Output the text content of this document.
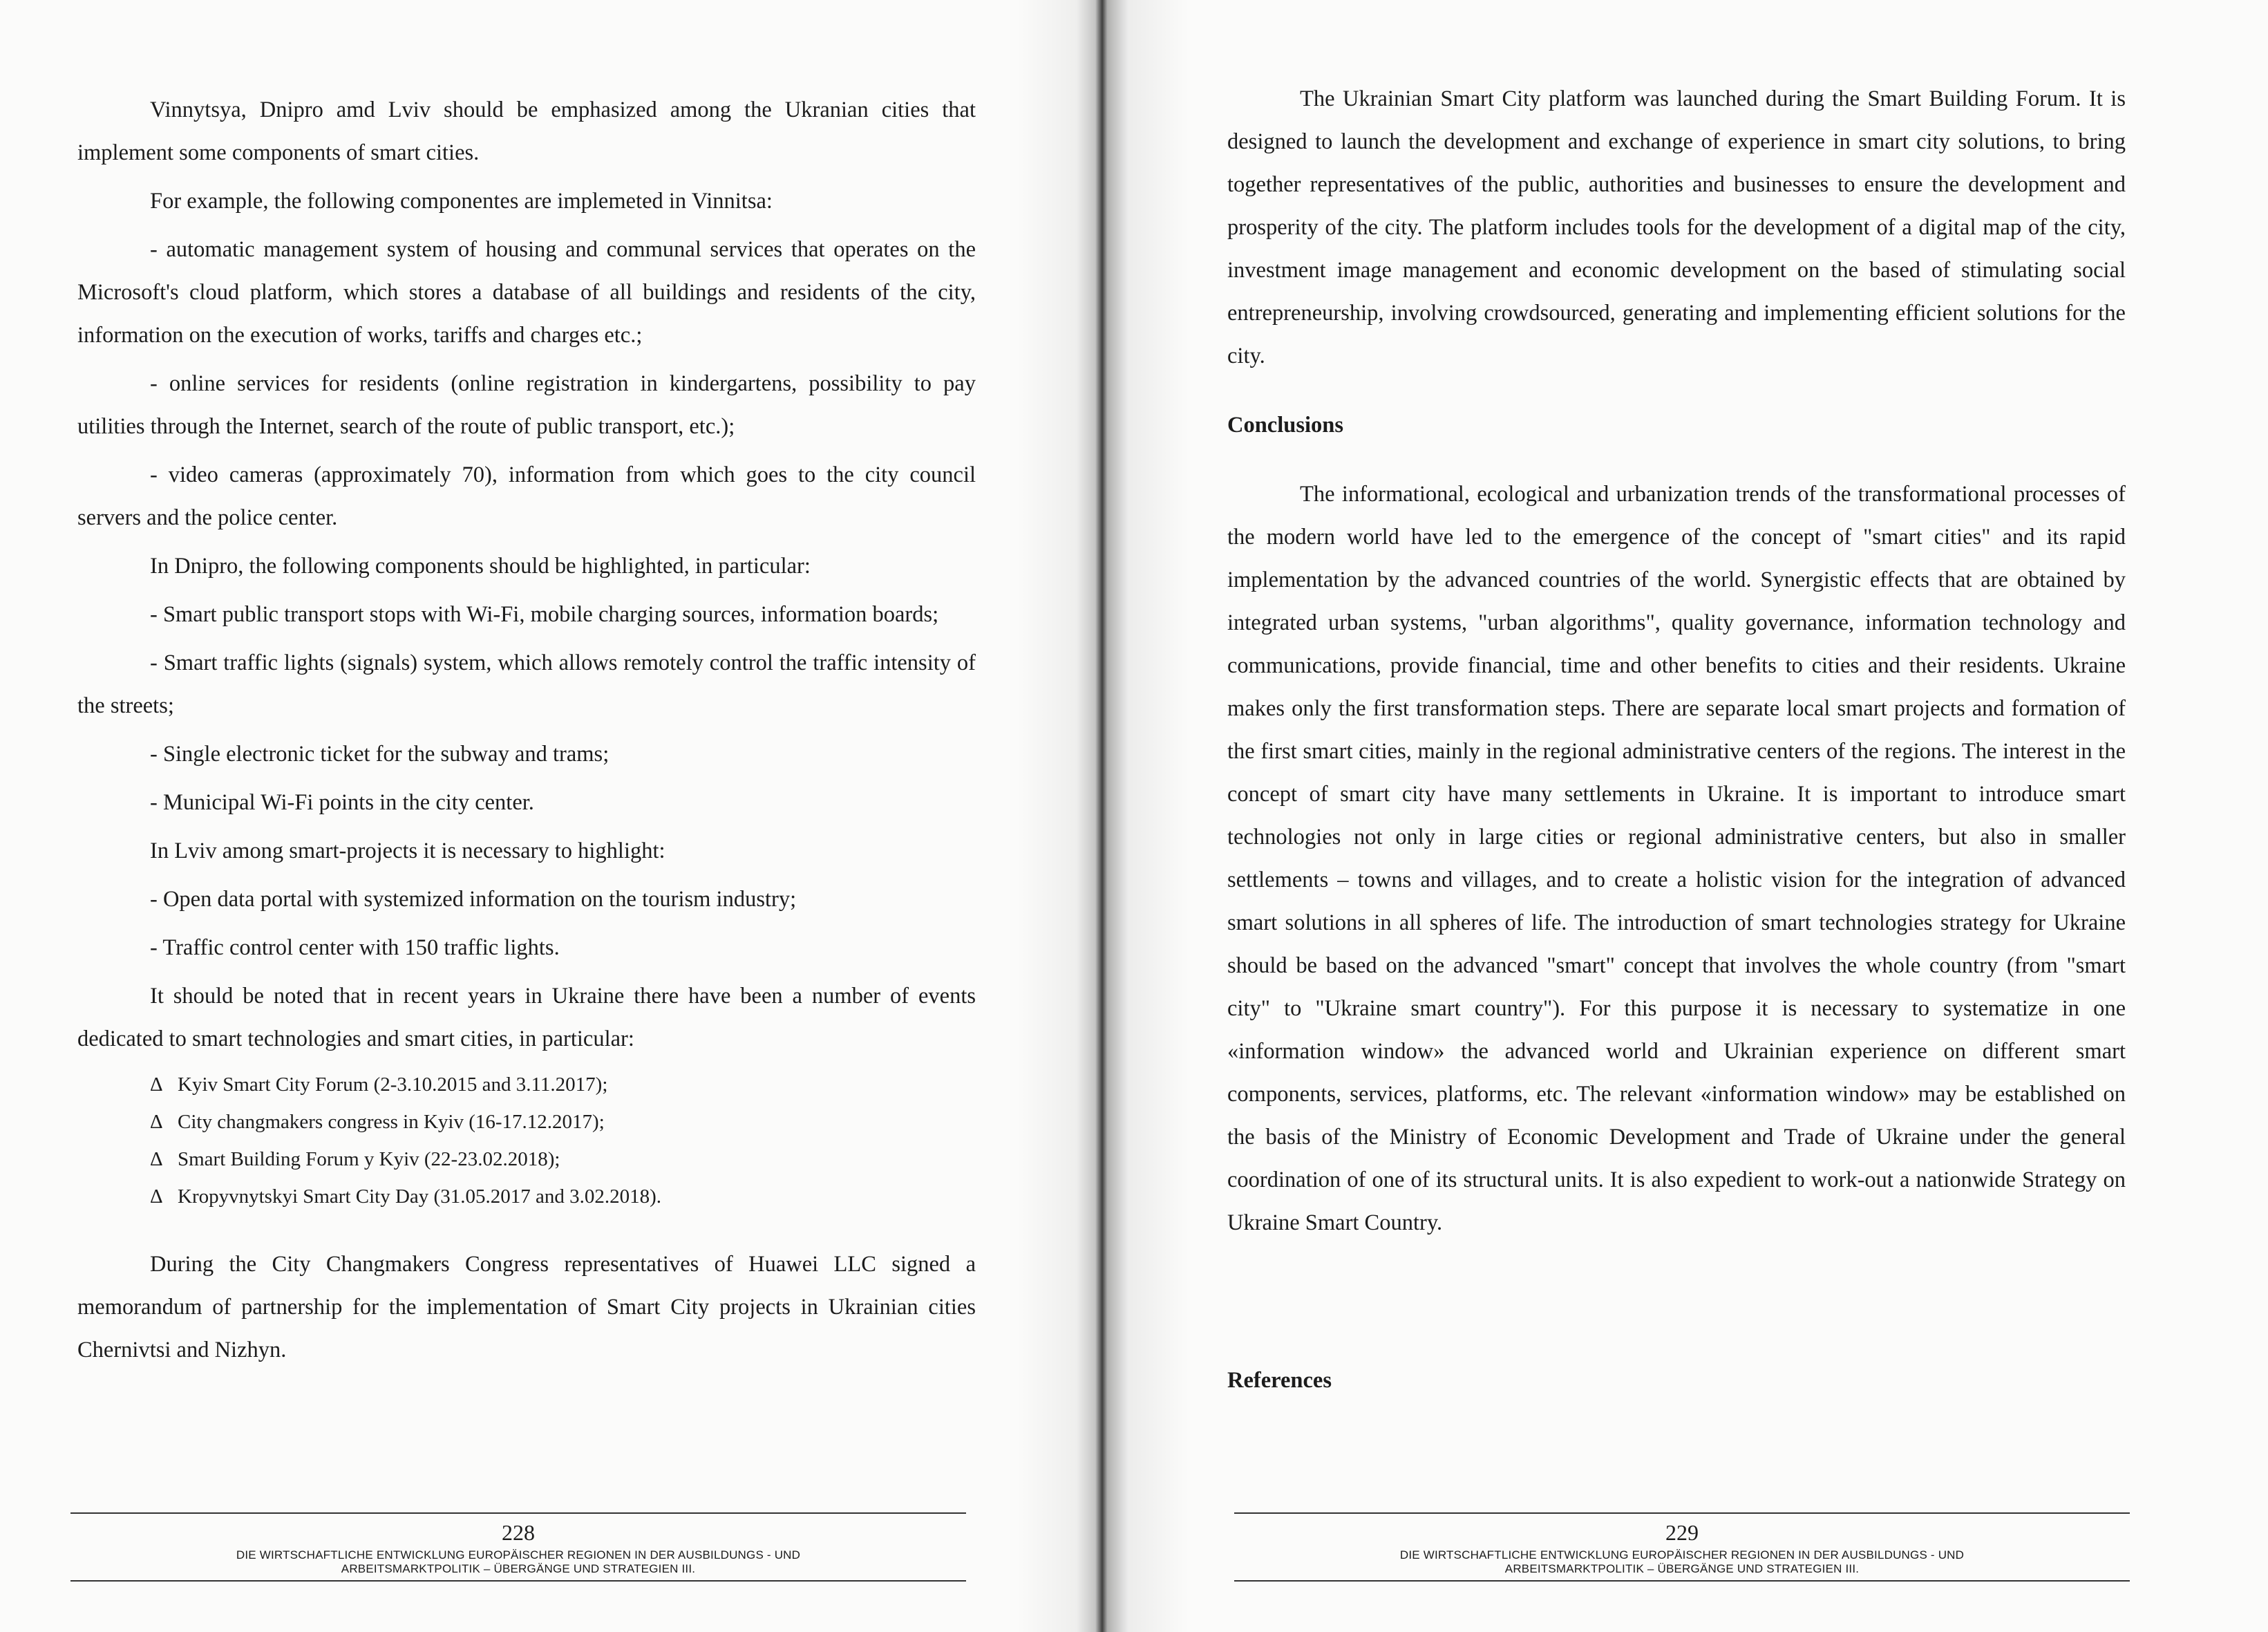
Vinnytsya, Dnipro amd Lviv should be emphasized among the Ukranian cities that implement some components of smart cities.

For example, the following componentes are implemeted in Vinnitsa:

- automatic management system of housing and communal services that operates on the Microsoft's cloud platform, which stores a database of all buildings and residents of the city, information on the execution of works, tariffs and charges etc.;

- online services for residents (online registration in kindergartens, possibility to pay utilities through the Internet, search of the route of public transport, etc.);

- video cameras (approximately 70), information from which goes to the city council servers and the police center.

In Dnipro, the following components should be highlighted, in particular:

- Smart public transport stops with Wi-Fi, mobile charging sources, information boards;

- Smart traffic lights (signals) system, which allows remotely control the traffic intensity of the streets;

- Single electronic ticket for the subway and trams;

- Municipal Wi-Fi points in the city center.

In Lviv among smart-projects it is necessary to highlight:

- Open data portal with systemized information on the tourism industry;

- Traffic control center with 150 traffic lights.

It should be noted that in recent years in Ukraine there have been a number of events dedicated to smart technologies and smart cities, in particular:

Δ Kyiv Smart City Forum (2-3.10.2015 and 3.11.2017);
Δ City changmakers congress in Kyiv (16-17.12.2017);
Δ Smart Building Forum y Kyiv (22-23.02.2018);
Δ Kropyvnytskyi Smart City Day (31.05.2017 and 3.02.2018).

During the City Changmakers Congress representatives of Huawei LLC signed a memorandum of partnership for the implementation of Smart City projects in Ukrainian cities Chernivtsi and Nizhyn.

228
DIE WIRTSCHAFTLICHE ENTWICKLUNG EUROPÄISCHER REGIONEN IN DER AUSBILDUNGS - UND
ARBEITSMARKTPOLITIK – ÜBERGÄNGE UND STRATEGIEN III.

The Ukrainian Smart City platform was launched during the Smart Building Forum. It is designed to launch the development and exchange of experience in smart city solutions, to bring together representatives of the public, authorities and businesses to ensure the development and prosperity of the city. The platform includes tools for the development of a digital map of the city, investment image management and economic development on the based of stimulating social entrepreneurship, involving crowdsourced, generating and implementing efficient solutions for the city.

Conclusions

The informational, ecological and urbanization trends of the transformational processes of the modern world have led to the emergence of the concept of "smart cities" and its rapid implementation by the advanced countries of the world. Synergistic effects that are obtained by integrated urban systems, "urban algorithms", quality governance, information technology and communications, provide financial, time and other benefits to cities and their residents. Ukraine makes only the first transformation steps. There are separate local smart projects and formation of the first smart cities, mainly in the regional administrative centers of the regions. The interest in the concept of smart city have many settlements in Ukraine. It is important to introduce smart technologies not only in large cities or regional administrative centers, but also in smaller settlements – towns and villages, and to create a holistic vision for the integration of advanced smart solutions in all spheres of life. The introduction of smart technologies strategy for Ukraine should be based on the advanced "smart" concept that involves the whole country (from "smart city" to "Ukraine smart country"). For this purpose it is necessary to systematize in one «information window» the advanced world and Ukrainian experience on different smart components, services, platforms, etc. The relevant «information window» may be established on the basis of the Ministry of Economic Development and Trade of Ukraine under the general coordination of one of its structural units. It is also expedient to work-out a nationwide Strategy on Ukraine Smart Country.

References

229
DIE WIRTSCHAFTLICHE ENTWICKLUNG EUROPÄISCHER REGIONEN IN DER AUSBILDUNGS - UND
ARBEITSMARKTPOLITIK – ÜBERGÄNGE UND STRATEGIEN III.
